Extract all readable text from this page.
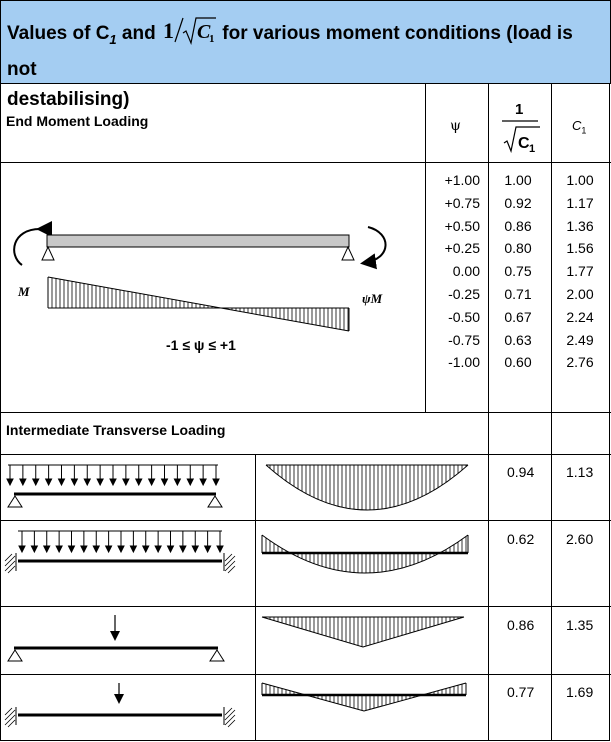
Values of $C_1$ and 1 C
1 for various moment conditions (load is not
destabilising)
End Moment Loading	ψ
1
C 1
$C_1$
+1.00
+0.75
+0.50
+0.25
0.00
-0.25
-0.50
-0.75
-1.00
1.00
0.92
0.86
0.80
0.75
0.71
0.67
0.63
0.60
1.00
1.17
1.36
1.56
1.77
2.00
2.24
2.49
2.76
M	ψM
-1 ≤ ψ ≤ +1
Intermediate Transverse Loading
0.94 1.13
0.62 2.60
0.86 1.35
0.77 1.69
